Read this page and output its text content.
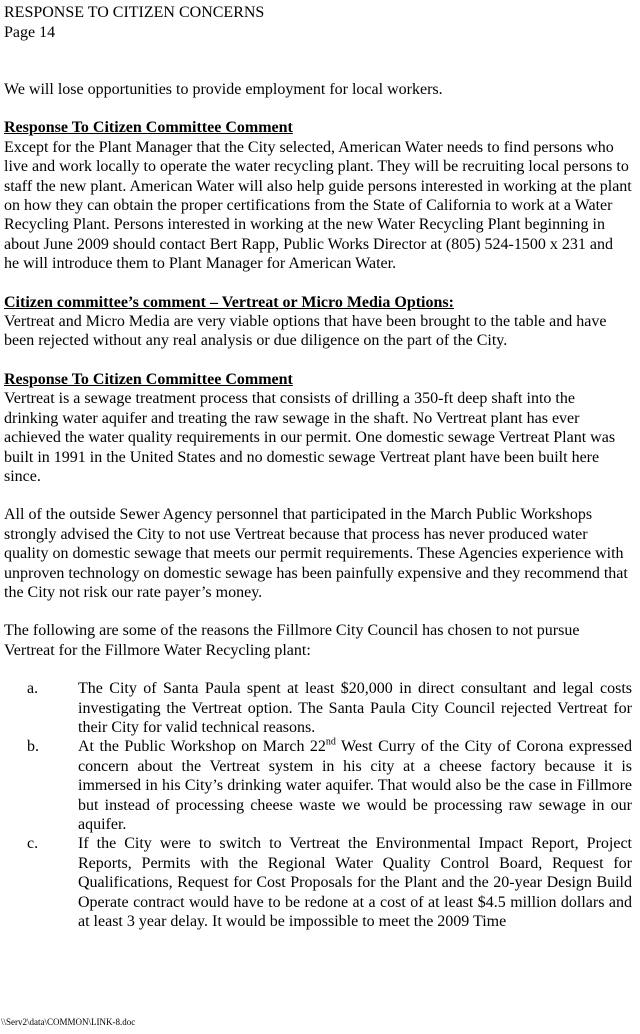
RESPONSE TO CITIZEN CONCERNS
Page 14

We will lose opportunities to provide employment for local workers.

Response To Citizen Committee Comment
Except for the Plant Manager that the City selected, American Water needs to find persons who live and work locally to operate the water recycling plant. They will be recruiting local persons to staff the new plant. American Water will also help guide persons interested in working at the plant on how they can obtain the proper certifications from the State of California to work at a Water Recycling Plant. Persons interested in working at the new Water Recycling Plant beginning in about June 2009 should contact Bert Rapp, Public Works Director at (805) 524-1500 x 231 and he will introduce them to Plant Manager for American Water.

Citizen committee’s comment – Vertreat or Micro Media Options:
Vertreat and Micro Media are very viable options that have been brought to the table and have been rejected without any real analysis or due diligence on the part of the City.

Response To Citizen Committee Comment
Vertreat is a sewage treatment process that consists of drilling a 350-ft deep shaft into the drinking water aquifer and treating the raw sewage in the shaft. No Vertreat plant has ever achieved the water quality requirements in our permit. One domestic sewage Vertreat Plant was built in 1991 in the United States and no domestic sewage Vertreat plant have been built here since.

All of the outside Sewer Agency personnel that participated in the March Public Workshops strongly advised the City to not use Vertreat because that process has never produced water quality on domestic sewage that meets our permit requirements. These Agencies experience with unproven technology on domestic sewage has been painfully expensive and they recommend that the City not risk our rate payer’s money.

The following are some of the reasons the Fillmore City Council has chosen to not pursue Vertreat for the Fillmore Water Recycling plant:

a. The City of Santa Paula spent at least $20,000 in direct consultant and legal costs investigating the Vertreat option. The Santa Paula City Council rejected Vertreat for their City for valid technical reasons.
b. At the Public Workshop on March 22nd West Curry of the City of Corona expressed concern about the Vertreat system in his city at a cheese factory because it is immersed in his City’s drinking water aquifer. That would also be the case in Fillmore but instead of processing cheese waste we would be processing raw sewage in our aquifer.
c. If the City were to switch to Vertreat the Environmental Impact Report, Project Reports, Permits with the Regional Water Quality Control Board, Request for Qualifications, Request for Cost Proposals for the Plant and the 20-year Design Build Operate contract would have to be redone at a cost of at least $4.5 million dollars and at least 3 year delay. It would be impossible to meet the 2009 Time
\\Serv2\data\COMMON\LINK-8.doc
